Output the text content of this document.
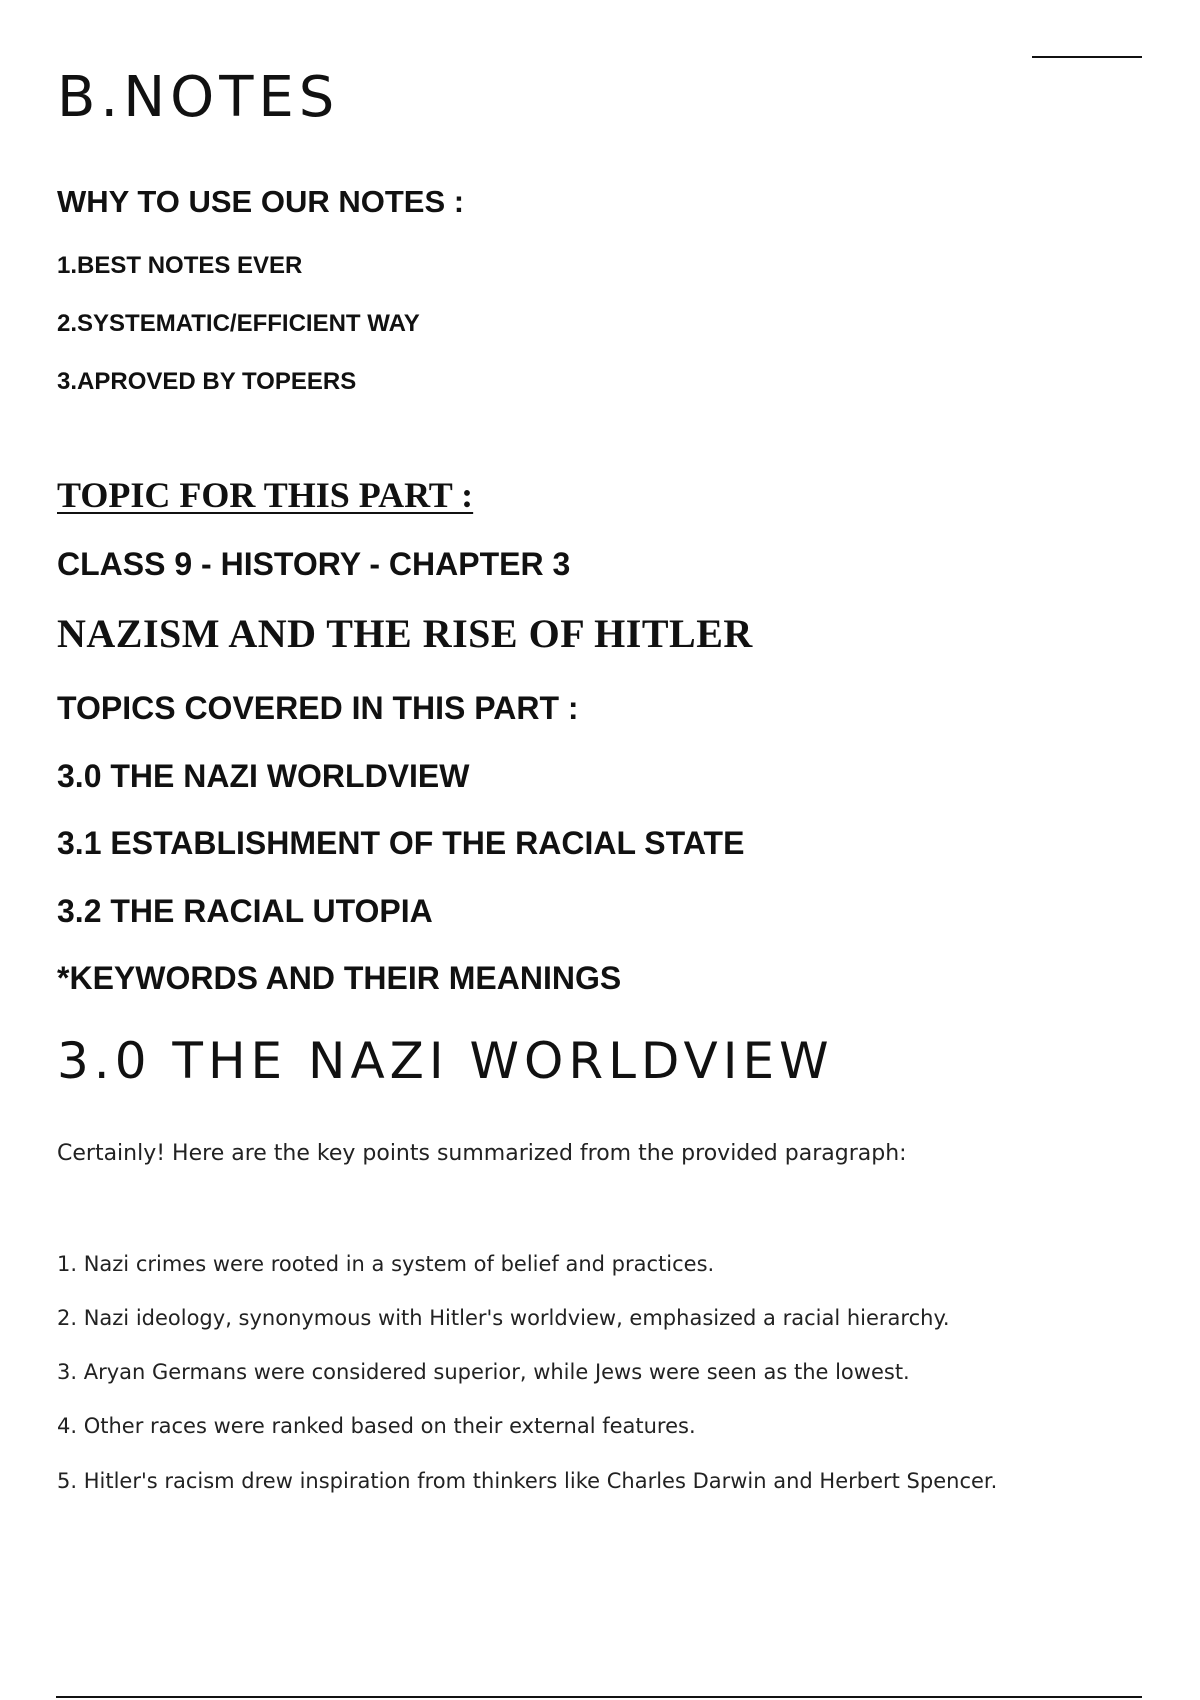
B.NOTES
WHY TO USE OUR NOTES :
1.BEST NOTES EVER
2.SYSTEMATIC/EFFICIENT WAY
3.APROVED BY TOPEERS
TOPIC FOR THIS PART :
CLASS 9 - HISTORY - CHAPTER 3
NAZISM AND THE RISE OF HITLER
TOPICS COVERED IN THIS PART :
3.0 THE NAZI WORLDVIEW
3.1 ESTABLISHMENT OF THE RACIAL STATE
3.2 THE RACIAL UTOPIA
*KEYWORDS AND THEIR MEANINGS
3.0 THE NAZI WORLDVIEW

Certainly! Here are the key points summarized from the provided paragraph:

1. Nazi crimes were rooted in a system of belief and practices.

2. Nazi ideology, synonymous with Hitler's worldview, emphasized a racial hierarchy.

3. Aryan Germans were considered superior, while Jews were seen as the lowest.

4. Other races were ranked based on their external features.

5. Hitler's racism drew inspiration from thinkers like Charles Darwin and Herbert Spencer.
